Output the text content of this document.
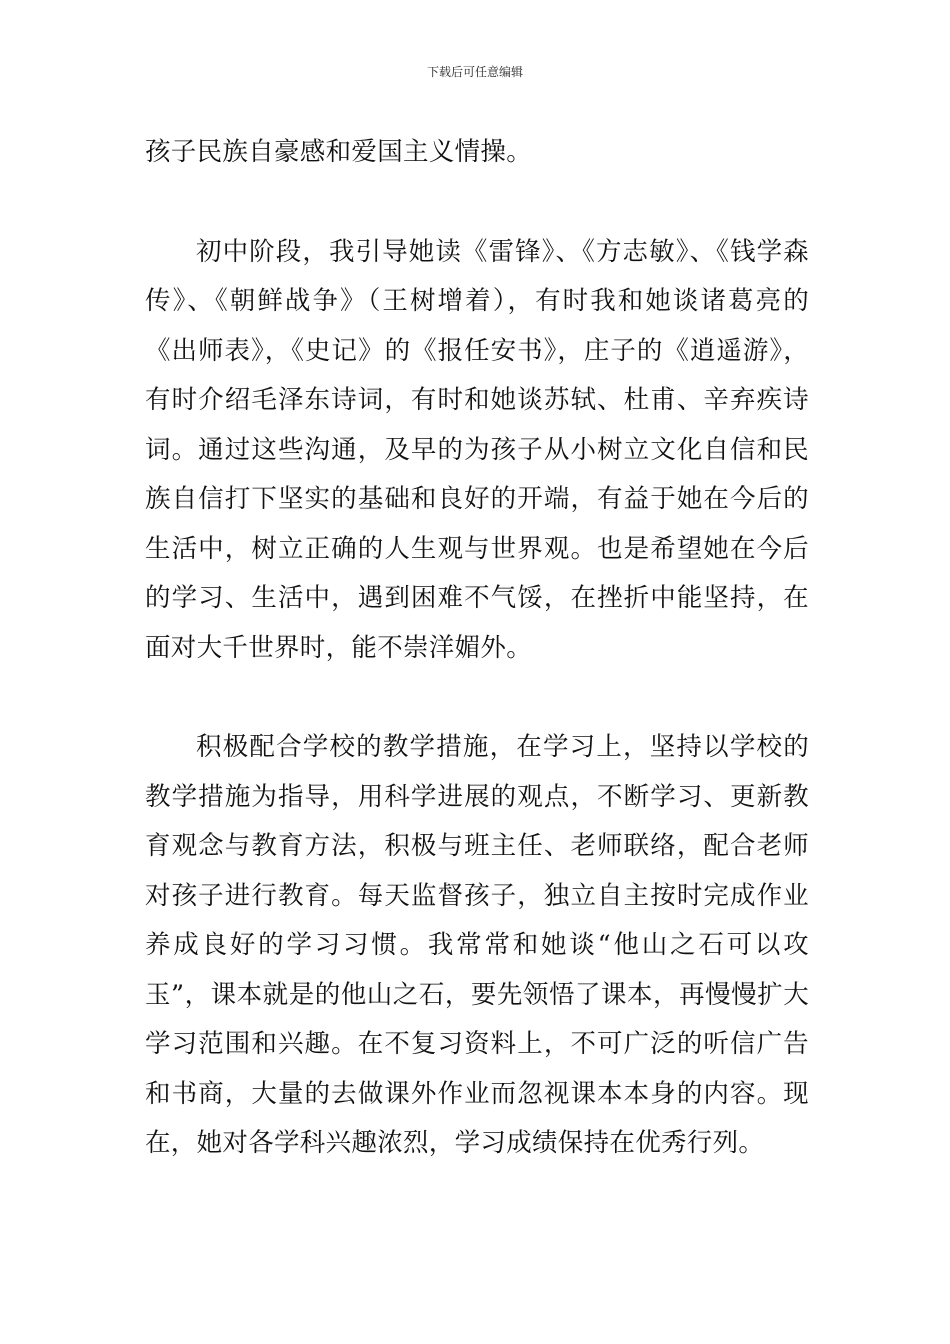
下载后可任意编辑

孩子民族自豪感和爱国主义情操。

初中阶段，我引导她读《雷锋》、《方志敏》、《钱学森传》、《朝鲜战争》（王树增着），有时我和她谈诸葛亮的《出师表》，《史记》的《报任安书》，庄子的《逍遥游》，有时介绍毛泽东诗词，有时和她谈苏轼、杜甫、辛弃疾诗词。通过这些沟通，及早的为孩子从小树立文化自信和民族自信打下坚实的基础和良好的开端，有益于她在今后的生活中，树立正确的人生观与世界观。也是希望她在今后的学习、生活中，遇到困难不气馁，在挫折中能坚持，在面对大千世界时，能不崇洋媚外。

积极配合学校的教学措施，在学习上，坚持以学校的教学措施为指导，用科学进展的观点，不断学习、更新教育观念与教育方法，积极与班主任、老师联络，配合老师对孩子进行教育。每天监督孩子，独立自主按时完成作业养成良好的学习习惯。我常常和她谈“他山之石可以攻玉”，课本就是的他山之石，要先领悟了课本，再慢慢扩大学习范围和兴趣。在不复习资料上，不可广泛的听信广告和书商，大量的去做课外作业而忽视课本本身的内容。现在，她对各学科兴趣浓烈，学习成绩保持在优秀行列。
